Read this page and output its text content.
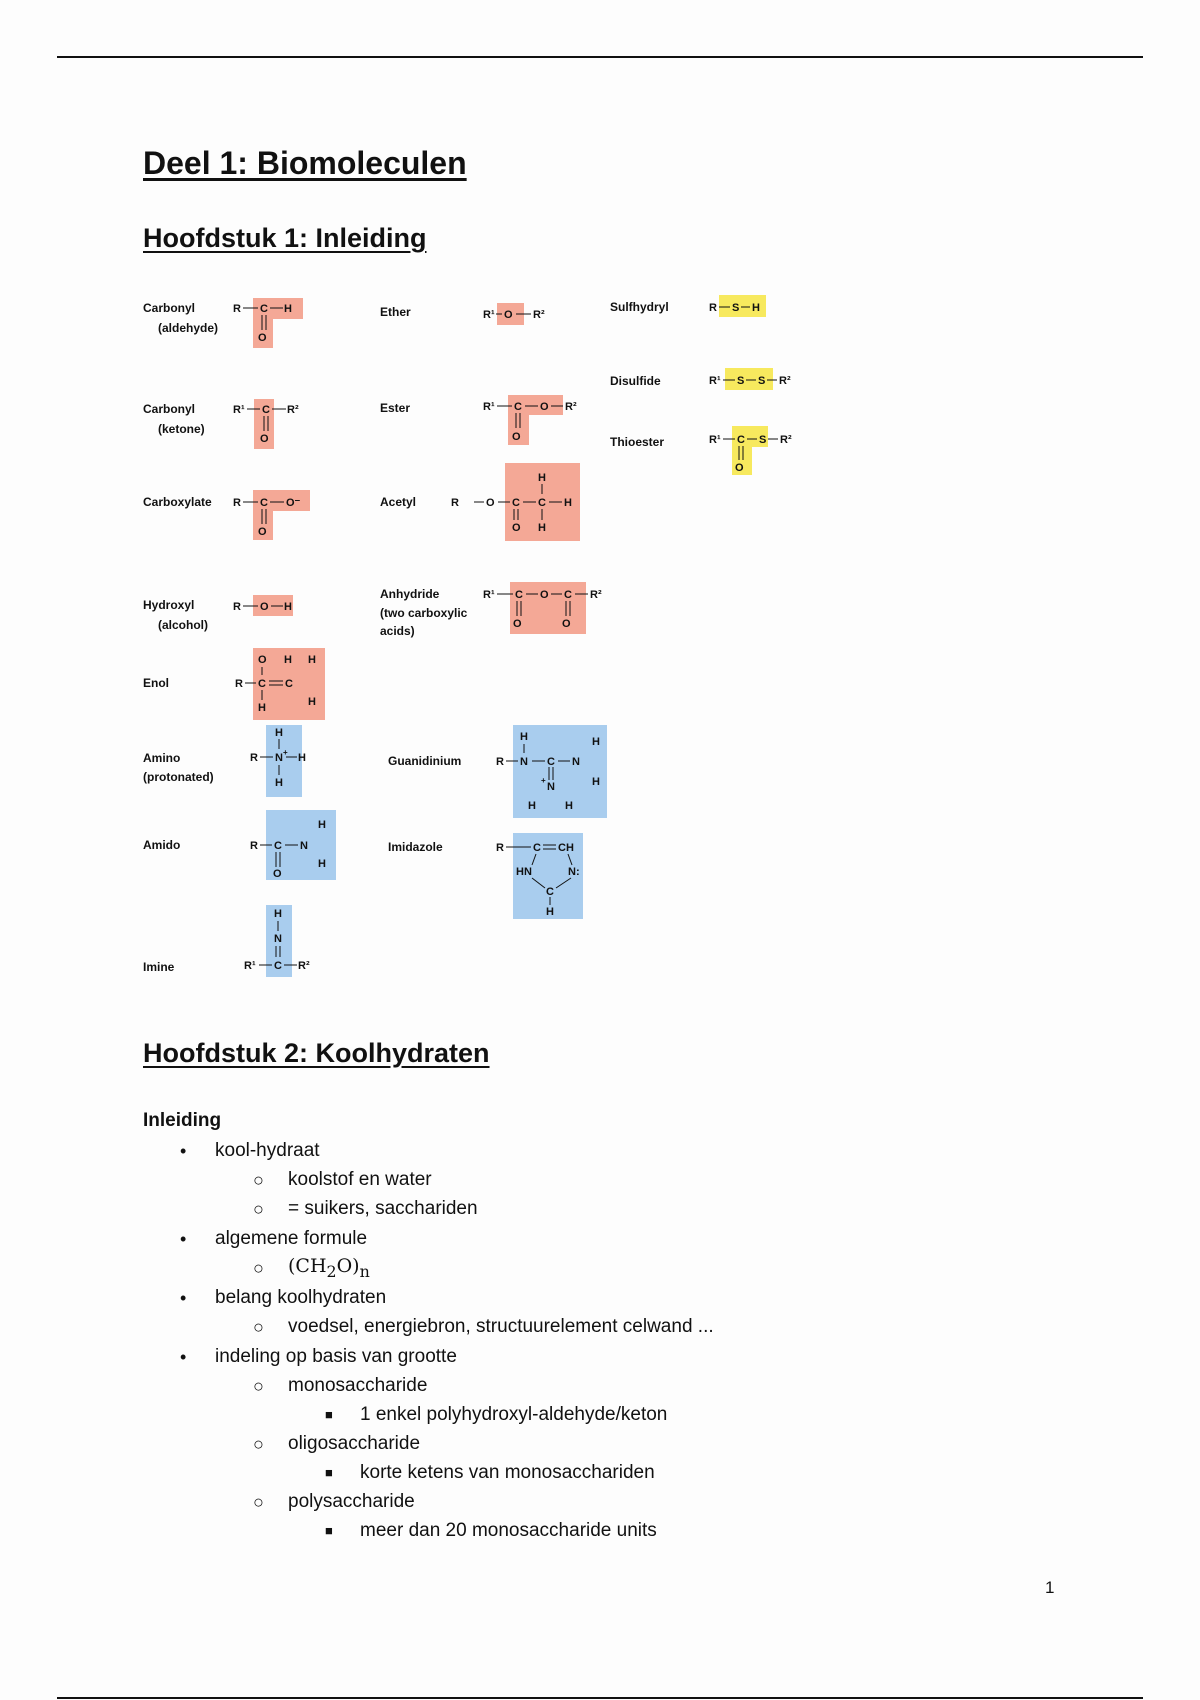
Deel 1: Biomoleculen
Hoofdstuk 1: Inleiding
Carbonyl
(aldehyde)
Carbonyl
(ketone)
Carboxylate
Hydroxyl
(alcohol)
Enol
Amino
(protonated)
Amido
Imine
Ether
Ester
Acetyl
Anhydride
(two carboxylic
acids)
Guanidinium
Imidazole
Sulfhydryl
Disulfide
Thioester
R C H
O
R¹ C R²
O
R C O⁻
O
R O H
R C C
O H H
H	H
R N H
H
H
+
R C N
O
H
H
R¹ C R²
H
N
R¹ O R²
R¹ C O R²
O
R O C C H
H
O H
R¹ C O C R²
O	O
R N C N
H	H
H
N
H	H
+
R	C CH
HN	N:
C
H
R S H
R¹ S S R²
R¹ C S R²
O
Hoofdstuk 2: Koolhydraten
Inleiding
• kool-hydraat
○ koolstof en water
○ = suikers, sacchariden
• algemene formule
○ $(CH_2O)_n$
• belang koolhydraten
○ voedsel, energiebron, structuurelement celwand ...
• indeling op basis van grootte
○ monosaccharide
■ 1 enkel polyhydroxyl-aldehyde/keton
○ oligosaccharide
■ korte ketens van monosacchariden
○ polysaccharide
■ meer dan 20 monosaccharide units
1
